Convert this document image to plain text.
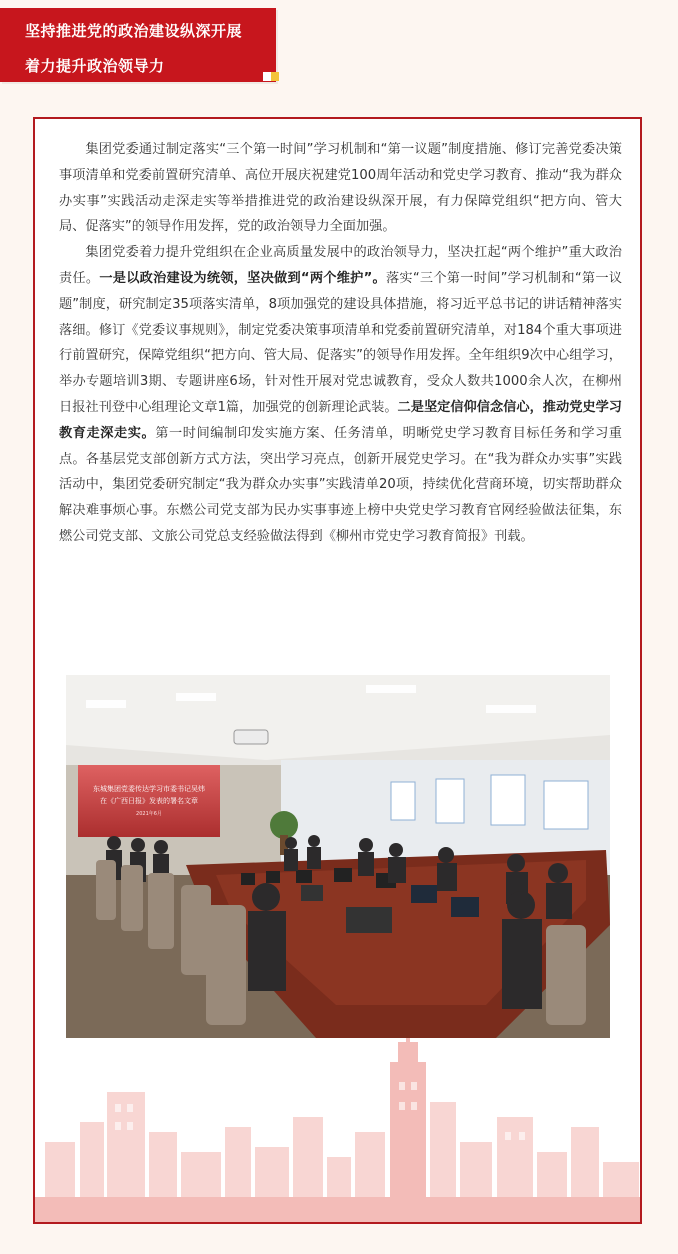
坚持推进党的政治建设纵深开展
着力提升政治领导力

集团党委通过制定落实“三个第一时间”学习机制和“第一议题”制度措施、修订完善党委决策事项清单和党委前置研究清单、高位开展庆祝建党100周年活动和党史学习教育、推动“我为群众办实事”实践活动走深走实等举措推进党的政治建设纵深开展，有力保障党组织“把方向、管大局、促落实”的领导作用发挥，党的政治领导力全面加强。

集团党委着力提升党组织在企业高质量发展中的政治领导力，坚决扛起“两个维护”重大政治责任。一是以政治建设为统领，坚决做到“两个维护”。落实“三个第一时间”学习机制和“第一议题”制度，研究制定35项落实清单，8项加强党的建设具体措施，将习近平总书记的讲话精神落实落细。修订《党委议事规则》，制定党委决策事项清单和党委前置研究清单，对184个重大事项进行前置研究，保障党组织“把方向、管大局、促落实”的领导作用发挥。全年组织9次中心组学习，举办专题培训3期、专题讲座6场，针对性开展对党忠诚教育，受众人数共1000余人次，在柳州日报社刊登中心组理论文章1篇，加强党的创新理论武装。二是坚定信仰信念信心，推动党史学习教育走深走实。第一时间编制印发实施方案、任务清单，明晰党史学习教育目标任务和学习重点。各基层党支部创新方式方法，突出学习亮点，创新开展党史学习。在“我为群众办实事”实践活动中，集团党委研究制定“我为群众办实事”实践清单20项，持续优化营商环境，切实帮助群众解决难事烦心事。东燃公司党支部为民办实事事迹上榜中央党史学习教育官网经验做法征集，东燃公司党支部、文旅公司党总支经验做法得到《柳州市党史学习教育简报》刊载。

东城集团党委传达学习市委书记吴炜
在《广西日报》发表的署名文章
2021年6月
